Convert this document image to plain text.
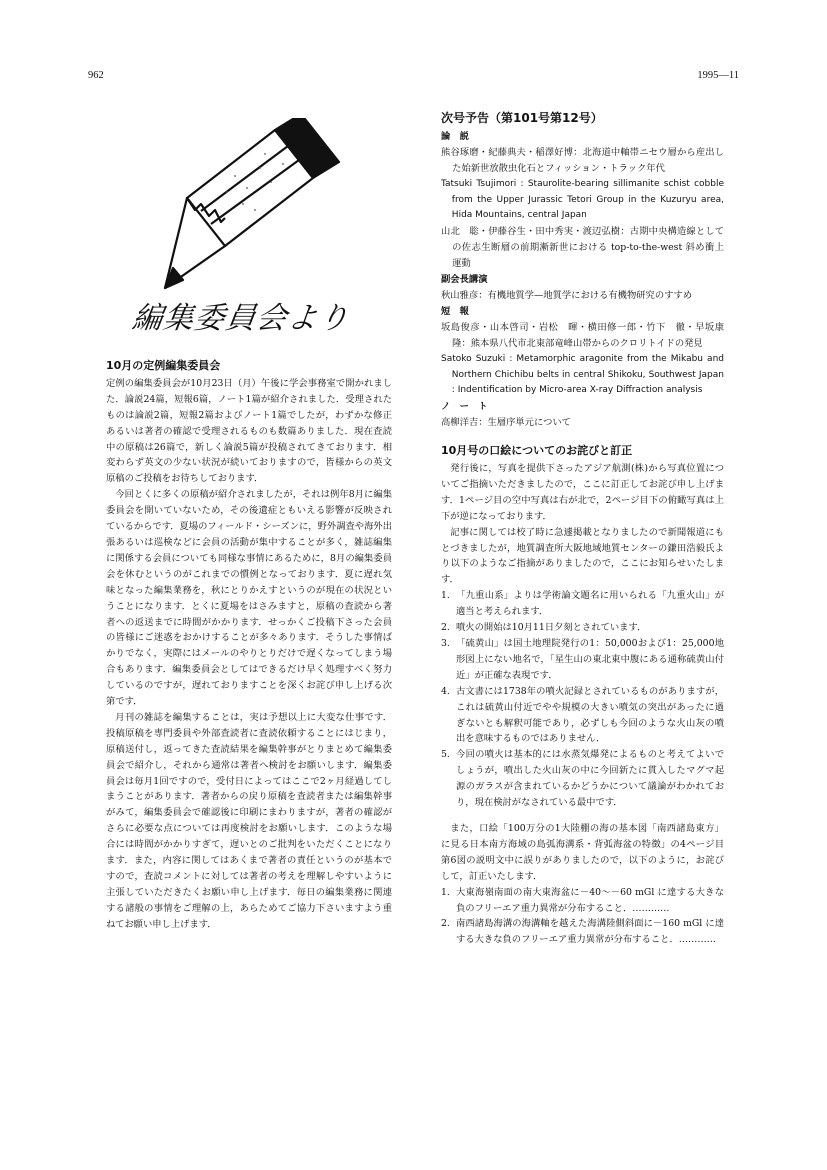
962	1995—11
編集委員会より
10月の定例編集委員会

定例の編集委員会が10月23日（月）午後に学会事務室で開かれました．論説24篇，短報6篇，ノート1篇が紹介されました．受理されたものは論説2篇，短報2篇およびノート1篇でしたが，わずかな修正あるいは著者の確認で受理されるものも数篇ありました．現在査読中の原稿は26篇で，新しく論説5篇が投稿されてきております．相変わらず英文の少ない状況が続いておりますので，皆様からの英文原稿のご投稿をお待ちしております．

今回とくに多くの原稿が紹介されましたが，それは例年8月に編集委員会を開いていないため，その後遺症ともいえる影響が反映されているからです．夏場のフィールド・シーズンに，野外調査や海外出張あるいは巡検などに会員の活動が集中することが多く，雑誌編集に関係する会員についても同様な事情にあるために，8月の編集委員会を休むというのがこれまでの慣例となっております．夏に遅れ気味となった編集業務を，秋にとりかえすというのが現在の状況ということになります．とくに夏場をはさみますと，原稿の査読から著者への返送までに時間がかかります．せっかくご投稿下さった会員の皆様にご迷惑をおかけすることが多々あります．そうした事情ばかりでなく，実際にはメールのやりとりだけで遅くなってしまう場合もあります．編集委員会としてはできるだけ早く処理すべく努力しているのですが，遅れておりますことを深くお詫び申し上げる次第です．

月刊の雑誌を編集することは，実は予想以上に大変な仕事です．投稿原稿を専門委員や外部査読者に査読依頼することにはじまり，原稿送付し，返ってきた査読結果を編集幹事がとりまとめて編集委員会で紹介し，それから通常は著者へ検討をお願いします．編集委員会は毎月1回ですので，受付日によってはここで2ヶ月経過してしまうことがあります．著者からの戻り原稿を査読者または編集幹事がみて，編集委員会で確認後に印刷にまわりますが，著者の確認がさらに必要な点については再度検討をお願いします．このような場合には時間がかかりすぎて，遅いとのご批判をいただくことになります．また，内容に関してはあくまで著者の責任というのが基本ですので，査読コメントに対しては著者の考えを理解しやすいように主張していただきたくお願い申し上げます．毎日の編集業務に関連する諸般の事情をご理解の上，あらためてご協力下さいますよう重ねてお願い申し上げます．

次号予告（第101号第12号）

論　説

熊谷琢磨・紀藤典夫・稲澤好博：北海道中軸帯ニセウ層から産出した始新世放散虫化石とフィッション・トラック年代

Tatsuki Tsujimori : Staurolite-bearing sillimanite schist cobble from the Upper Jurassic Tetori Group in the Kuzuryu area, Hida Mountains, central Japan

山北　聡・伊藤谷生・田中秀実・渡辺弘樹：古期中央構造線としての佐志生断層の前期漸新世における top-to-the-west 斜め衝上運動

副会長講演

秋山雅彦：有機地質学—地質学における有機物研究のすすめ

短　報

坂島俊彦・山本啓司・岩松　暉・横田修一郎・竹下　徹・早坂康隆：熊本県八代市北東部竜峰山帯からのクロリトイドの発見

Satoko Suzuki : Metamorphic aragonite from the Mikabu and Northern Chichibu belts in central Shikoku, Southwest Japan : Indentification by Micro-area X-ray Diffraction analysis

ノ　ー　ト

高柳洋吉：生層序単元について

10月号の口絵についてのお詫びと訂正

発行後に，写真を提供下さったアジア航測(株)から写真位置についてご指摘いただきましたので，ここに訂正してお詫び申し上げます．1ページ目の空中写真は右が北で，2ページ目下の俯瞰写真は上下が逆になっております．

記事に関しては校了時に急遽掲載となりましたので新聞報道にもとづきましたが，地質調査所大阪地域地質センターの鎌田浩毅氏より以下のようなご指摘がありましたので，ここにお知らせいたします．

1. 「九重山系」よりは学術論文題名に用いられる「九重火山」が適当と考えられます．
2. 噴火の開始は10月11日夕刻とされています．
3. 「硫黄山」は国土地理院発行の1：50,000および1：25,000地形図上にない地名で，「星生山の東北東中腹にある通称硫黄山付近」が正確な表現です．
4. 古文書には1738年の噴火記録とされているものがありますが，これは硫黄山付近でやや規模の大きい噴気の突出があったに過ぎないとも解釈可能であり，必ずしも今回のような火山灰の噴出を意味するものではありません．
5. 今回の噴火は基本的には水蒸気爆発によるものと考えてよいでしょうが，噴出した火山灰の中に今回新たに貫入したマグマ起源のガラスが含まれているかどうかについて議論がわかれており，現在検討がなされている最中です．

また，口絵「100万分の1大陸棚の海の基本図「南西諸島東方」に見る日本南方海域の島弧海溝系・背弧海盆の特徴」の4ページ目第6図の説明文中に誤りがありましたので，以下のように，お詫びして，訂正いたします．

1. 大東海嶺南面の南大東海盆に－40～－60 mGl に達する大きな負のフリーエア重力異常が分布すること．…………
2. 南西諸島海溝の海溝軸を越えた海溝陸側斜面に－160 mGl に達する大きな負のフリーエア重力異常が分布すること．…………
